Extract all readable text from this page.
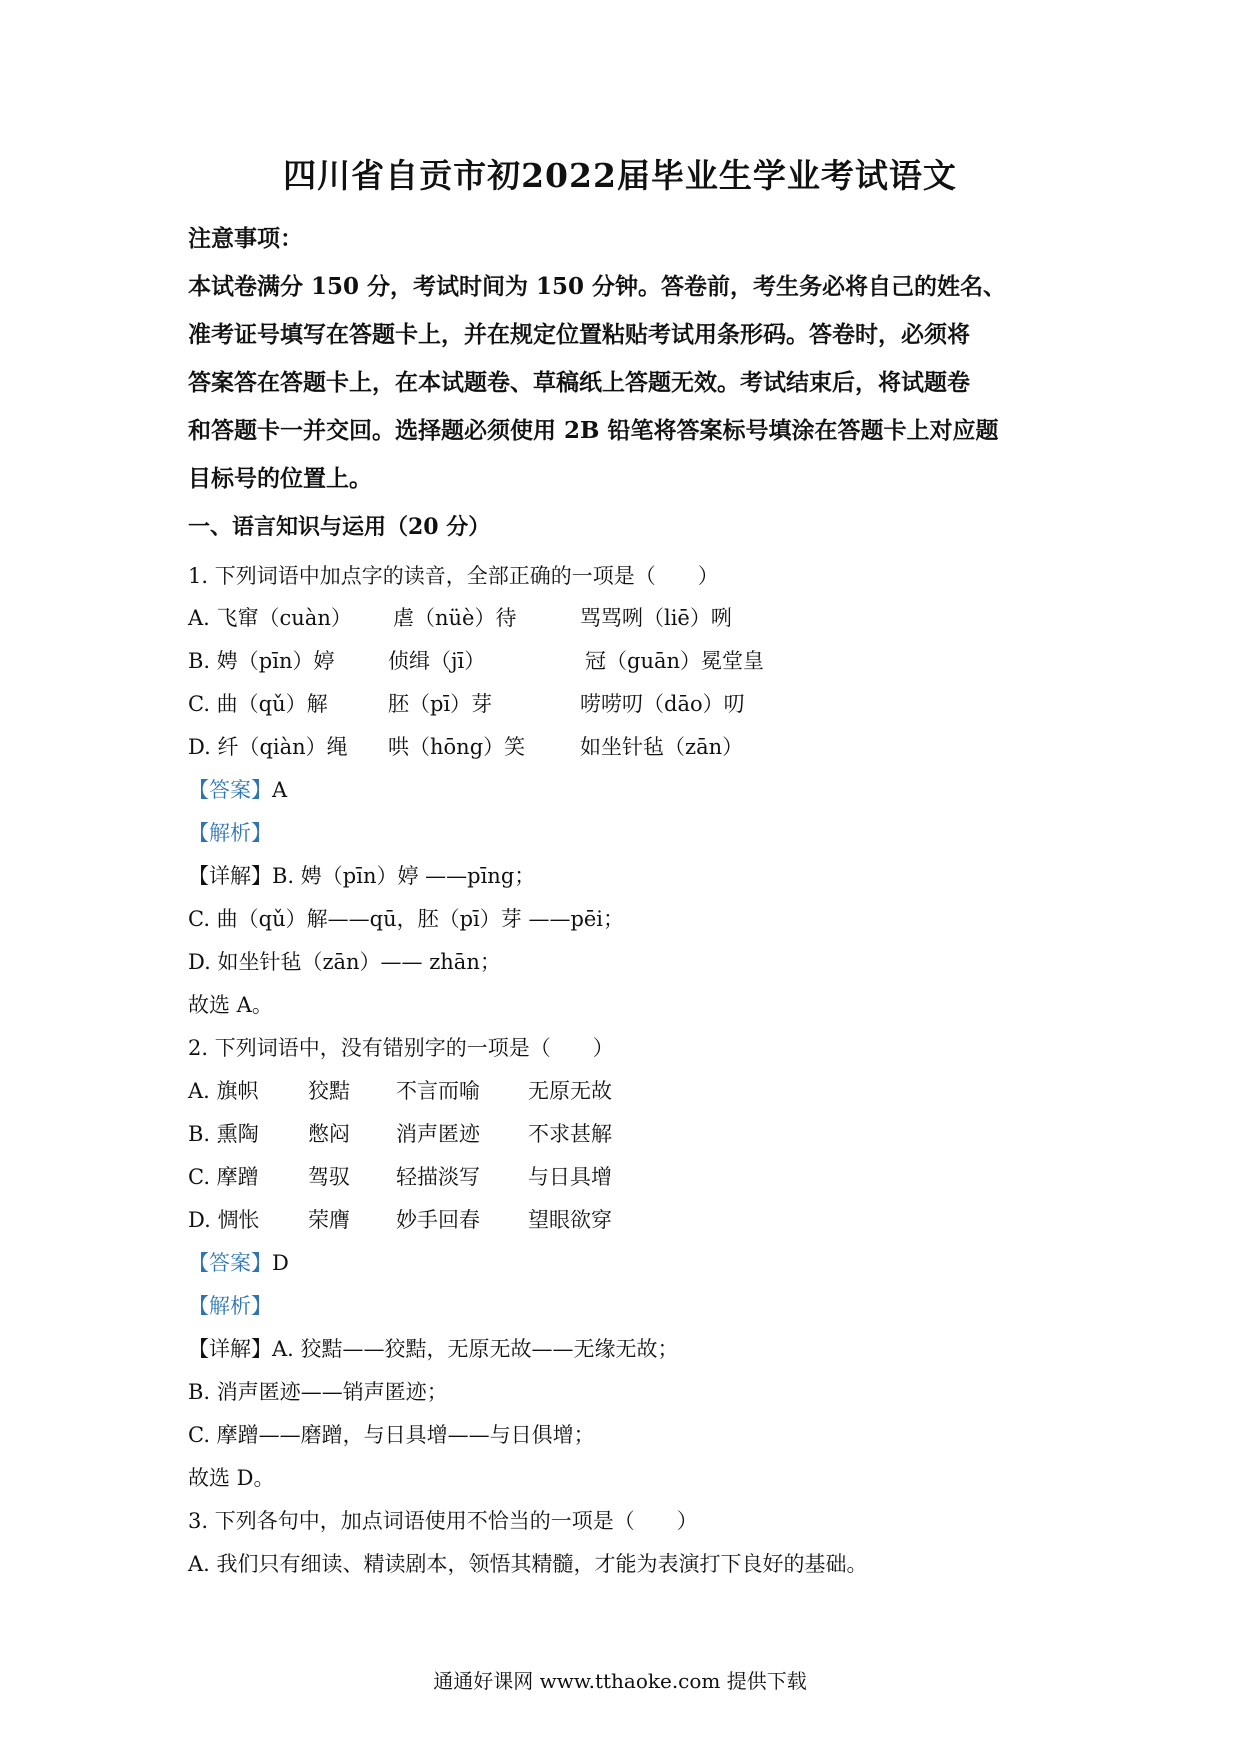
四川省自贡市初2022届毕业生学业考试语文
注意事项：
本试卷满分 150 分，考试时间为 150 分钟。答卷前，考生务必将自己的姓名、
准考证号填写在答题卡上，并在规定位置粘贴考试用条形码。答卷时，必须将
答案答在答题卡上，在本试题卷、草稿纸上答题无效。考试结束后，将试题卷
和答题卡一并交回。选择题必须使用 2B 铅笔将答案标号填涂在答题卡上对应题
目标号的位置上。
一、语言知识与运用（20 分）
1. 下列词语中加点字的读音，全部正确的一项是（　　）
A. 飞窜（cuàn） 虐（nüè）待	骂骂咧（liē）咧
B. 娉（pīn）婷	侦缉（jī）	冠（guān）冕堂皇
C. 曲（qǔ）解	胚（pī）芽	唠唠叨（dāo）叨
D. 纤（qiàn）绳 哄（hōng）笑	如坐针毡（zān）
【答案】A
【解析】
【详解】B. 娉（pīn）婷 ——pīng；
C. 曲（qǔ）解——qū，胚（pī）芽 ——pēi；
D. 如坐针毡（zān）—— zhān；
故选 A。
2. 下列词语中，没有错别字的一项是（　　）
A. 旗帜 狡黠 不言而喻 无原无故
B. 熏陶 憋闷 消声匿迹 不求甚解
C. 摩蹭 驾驭 轻描淡写 与日具增
D. 惆怅 荣膺 妙手回春 望眼欲穿
【答案】D
【解析】
【详解】A. 狡黠——狡黠，无原无故——无缘无故；
B. 消声匿迹——销声匿迹；
C. 摩蹭——磨蹭，与日具增——与日俱增；
故选 D。
3. 下列各句中，加点词语使用不恰当的一项是（　　）
A. 我们只有细读、精读剧本，领悟其精髓，才能为表演打下良好的基础。
通通好课网 www.tthaoke.com 提供下载
